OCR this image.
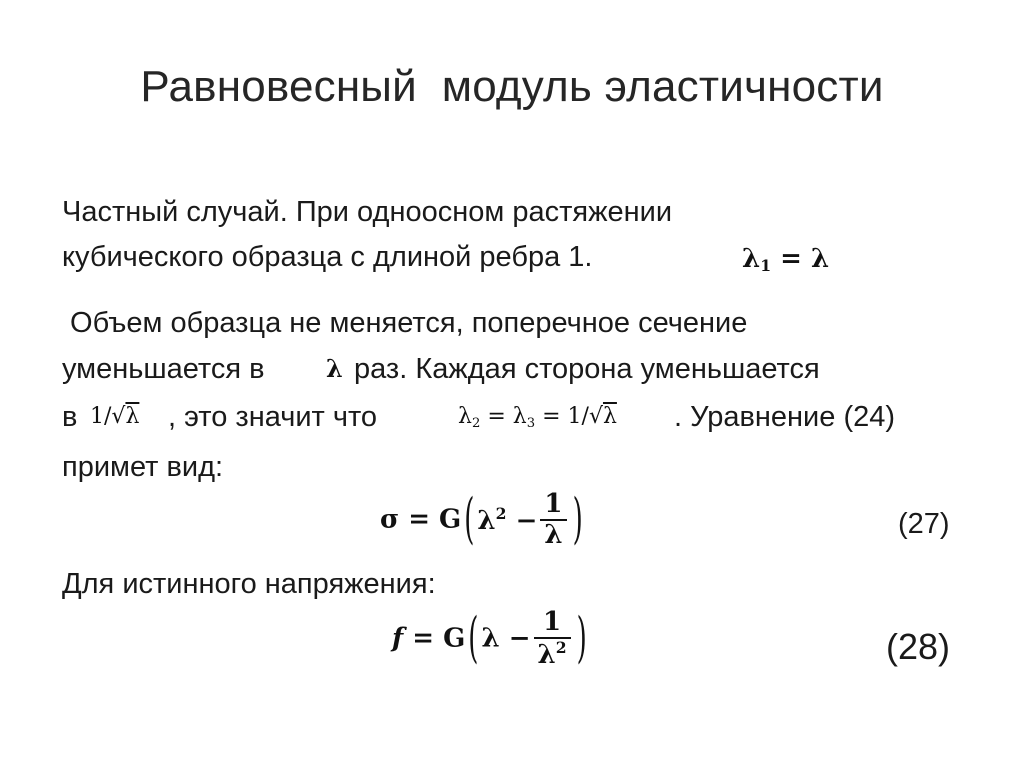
Равновесный  модуль эластичности
Частный случай. При одноосном растяжении
кубического образца с длиной ребра 1.	$\lambda_1 = \lambda$
Объем образца не меняется, поперечное сечение
уменьшается в	λ раз. Каждая сторона уменьшается
в 1/√λ , это значит что	$\lambda_2 = \lambda_3 = 1/√\lambda$ . Уравнение (24)
примет вид:
σ = G ( $\lambda^2 - \frac{1}{\lambda}$ )	(27)
Для истинного напряжения:
f = G ( $\lambda - \frac{1}{\lambda^2}$ )	(28)
